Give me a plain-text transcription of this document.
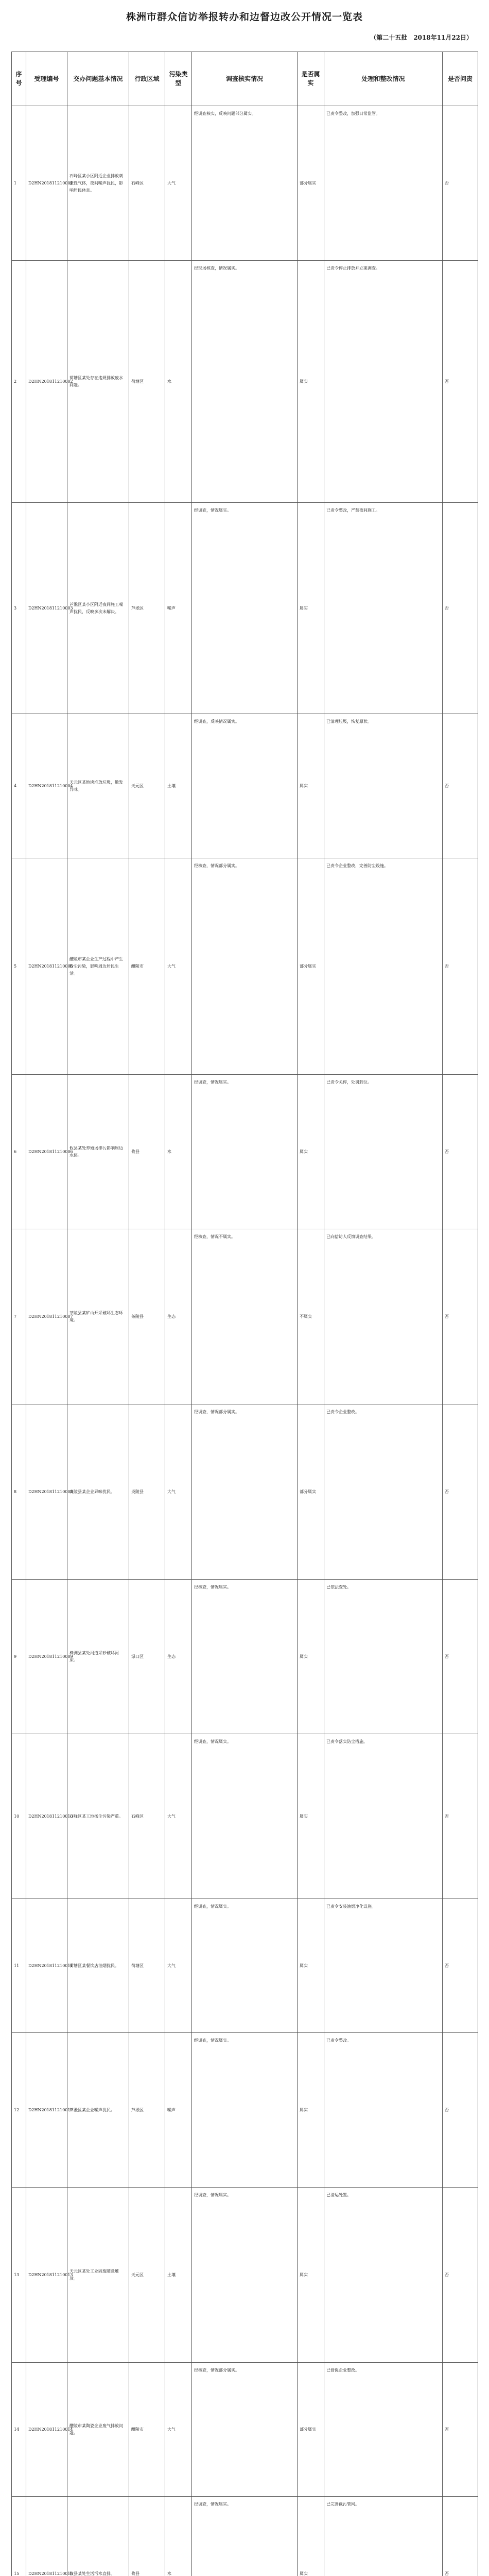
株洲市群众信访举报转办和边督边改公开情况一览表
（第二十五批　2018年11月22日）
序号	受理编号	交办问题基本情况	行政区域	污染类型	调查核实情况	是否属实	处理和整改情况	是否问责
1	D2HN201811210001	石峰区某小区附近企业排放刺激性气体，夜间噪声扰民，影响居民休息。	石峰区	大气	经调查核实，反映问题部分属实。	部分属实	已责令整改，加强日常监管。	否
2	D2HN201811210002	荷塘区某处存在违规排放废水问题。	荷塘区	水	经现场核查，情况属实。	属实	已责令停止排放并立案调查。	否
3	D2HN201811210003	芦淞区某小区附近夜间施工噪声扰民，反映多次未解决。	芦淞区	噪声	经调查，情况属实。	属实	已责令整改，严禁夜间施工。	否
4	D2HN201811210004	天元区某地块堆放垃圾，散发异味。	天元区	土壤	经调查，反映情况属实。	属实	已清理垃圾，恢复原状。	否
5	D2HN201811210005	醴陵市某企业生产过程中产生粉尘污染，影响周边居民生活。	醴陵市	大气	经核查，情况部分属实。	部分属实	已责令企业整改，完善防尘设施。	否
6	D2HN201811210006	攸县某处养殖场排污影响周边水体。	攸县	水	经调查，情况属实。	属实	已责令关停，处罚到位。	否
7	D2HN201811210007	茶陵县某矿山开采破坏生态环境。	茶陵县	生态	经核查，情况不属实。	不属实	已向信访人反馈调查结果。	否
8	D2HN201811210008	炎陵县某企业异味扰民。	炎陵县	大气	经调查，情况部分属实。	部分属实	已责令企业整改。	否
9	D2HN201811210009	株洲县某处河道采砂破坏河床。	渌口区	生态	经核查，情况属实。	属实	已依法查处。	否
10	D2HN201811210010	石峰区某工地扬尘污染严重。	石峰区	大气	经调查，情况属实。	属实	已责令落实防尘措施。	否
11	D2HN201811210011	荷塘区某餐饮店油烟扰民。	荷塘区	大气	经调查，情况属实。	属实	已责令安装油烟净化设施。	否
12	D2HN201811210012	芦淞区某企业噪声扰民。	芦淞区	噪声	经调查，情况属实。	属实	已责令整改。	否
13	D2HN201811210013	天元区某处工业固废随意堆放。	天元区	土壤	经调查，情况属实。	属实	已清运处置。	否
14	D2HN201811210014	醴陵市某陶瓷企业废气排放问题。	醴陵市	大气	经核查，情况部分属实。	部分属实	已督促企业整改。	否
15	D2HN201811210015	攸县某处生活污水直排。	攸县	水	经调查，情况属实。	属实	已完善截污管网。	否
